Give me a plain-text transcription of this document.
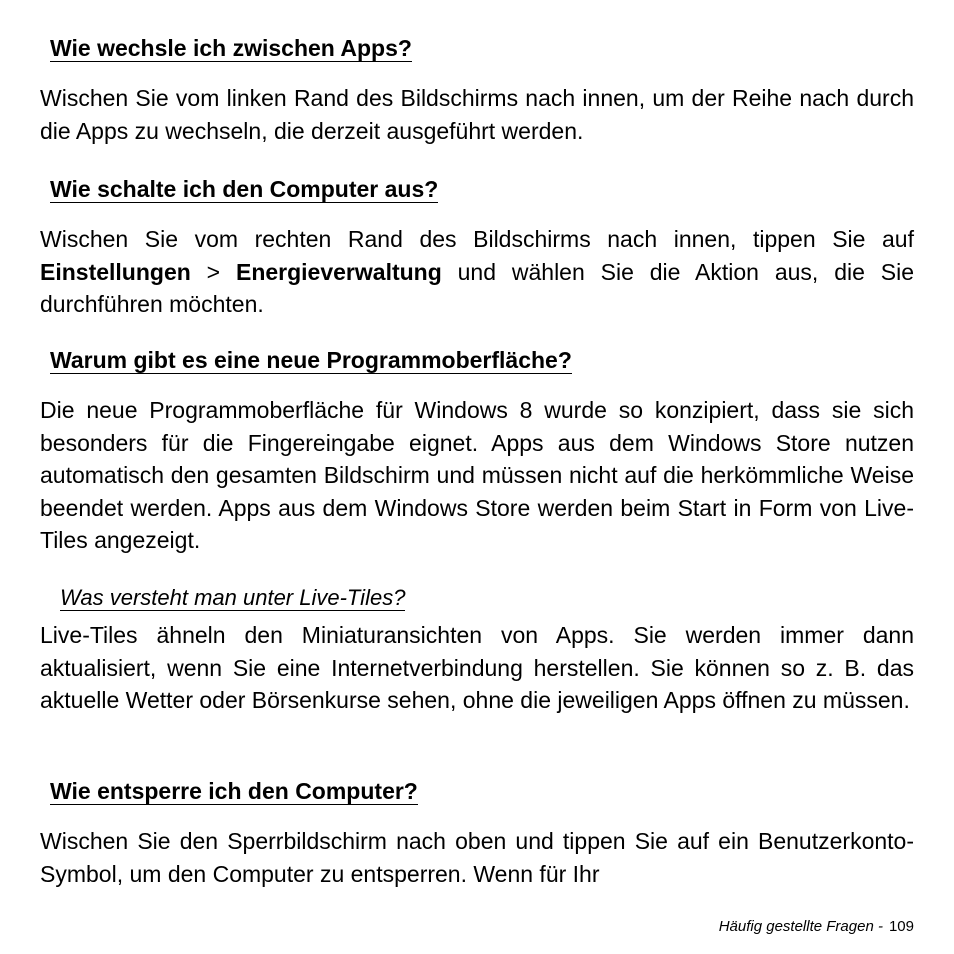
Wie wechsle ich zwischen Apps?

Wischen Sie vom linken Rand des Bildschirms nach innen, um der Reihe nach durch die Apps zu wechseln, die derzeit ausgeführt werden.

Wie schalte ich den Computer aus?

Wischen Sie vom rechten Rand des Bildschirms nach innen, tippen Sie auf Einstellungen > Energieverwaltung und wählen Sie die Aktion aus, die Sie durchführen möchten.

Warum gibt es eine neue Programmoberfläche?

Die neue Programmoberfläche für Windows 8 wurde so konzipiert, dass sie sich besonders für die Fingereingabe eignet. Apps aus dem Windows Store nutzen automatisch den gesamten Bildschirm und müssen nicht auf die herkömmliche Weise beendet werden. Apps aus dem Windows Store werden beim Start in Form von Live-Tiles angezeigt.

Was versteht man unter Live-Tiles?

Live-Tiles ähneln den Miniaturansichten von Apps. Sie werden immer dann aktualisiert, wenn Sie eine Internetverbindung herstellen. Sie können so z. B. das aktuelle Wetter oder Börsenkurse sehen, ohne die jeweiligen Apps öffnen zu müssen.

Wie entsperre ich den Computer?

Wischen Sie den Sperrbildschirm nach oben und tippen Sie auf ein Benutzerkonto-Symbol, um den Computer zu entsperren. Wenn für Ihr

Häufig gestellte Fragen - 109
